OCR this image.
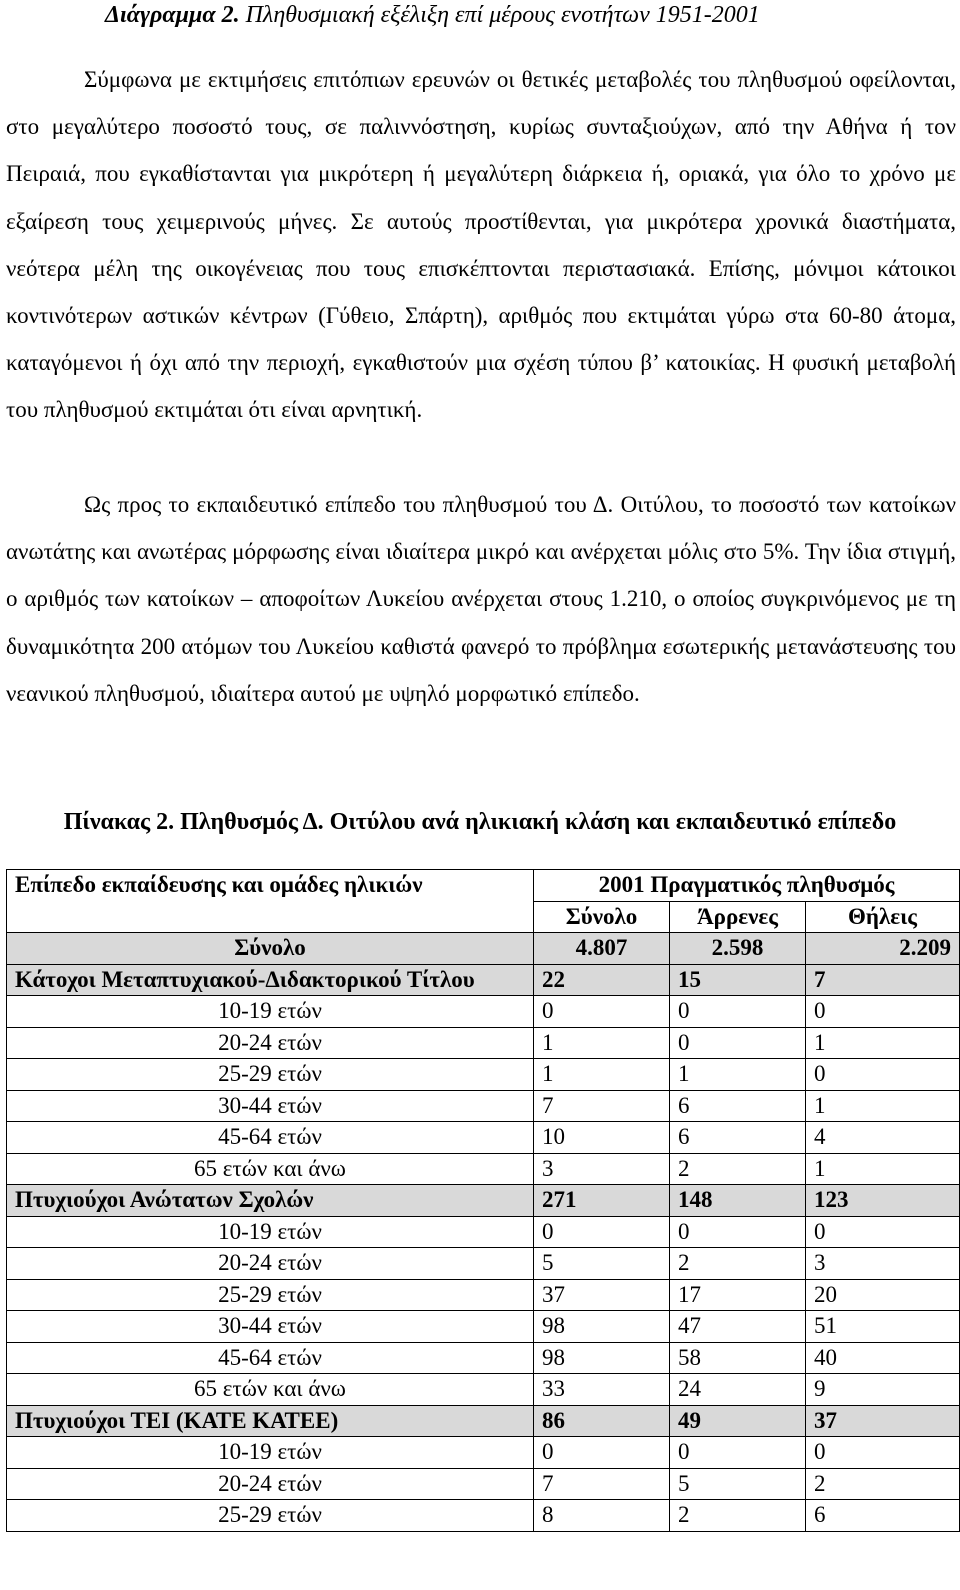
Διάγραμμα 2. Πληθυσμιακή εξέλιξη επί μέρους ενοτήτων 1951-2001

Σύμφωνα με εκτιμήσεις επιτόπιων ερευνών οι θετικές μεταβολές του πληθυσμού οφείλονται, στο μεγαλύτερο ποσοστό τους, σε παλιννόστηση, κυρίως συνταξιούχων, από την Αθήνα ή τον Πειραιά, που εγκαθίστανται για μικρότερη ή μεγαλύτερη διάρκεια ή, οριακά, για όλο το χρόνο με εξαίρεση τους χειμερινούς μήνες. Σε αυτούς προστίθενται, για μικρότερα χρονικά διαστήματα, νεότερα μέλη της οικογένειας που τους επισκέπτονται περιστασιακά. Επίσης, μόνιμοι κάτοικοι κοντινότερων αστικών κέντρων (Γύθειο, Σπάρτη), αριθμός που εκτιμάται γύρω στα 60-80 άτομα, καταγόμενοι ή όχι από την περιοχή, εγκαθιστούν μια σχέση τύπου β’ κατοικίας. Η φυσική μεταβολή του πληθυσμού εκτιμάται ότι είναι αρνητική.

Ως προς το εκπαιδευτικό επίπεδο του πληθυσμού του Δ. Οιτύλου, το ποσοστό των κατοίκων ανωτάτης και ανωτέρας μόρφωσης είναι ιδιαίτερα μικρό και ανέρχεται μόλις στο 5%. Την ίδια στιγμή, ο αριθμός των κατοίκων – αποφοίτων Λυκείου ανέρχεται στους 1.210, ο οποίος συγκρινόμενος με τη δυναμικότητα 200 ατόμων του Λυκείου καθιστά φανερό το πρόβλημα εσωτερικής μετανάστευσης του νεανικού πληθυσμού, ιδιαίτερα αυτού με υψηλό μορφωτικό επίπεδο.

Πίνακας 2. Πληθυσμός Δ. Οιτύλου ανά ηλικιακή κλάση και εκπαιδευτικό επίπεδο
Επίπεδο εκπαίδευσης και ομάδες ηλικιών	2001 Πραγματικός πληθυσμός		
	Σύνολο	Άρρενες	Θήλεις
Σύνολο	4.807	2.598	2.209
Κάτοχοι Μεταπτυχιακού-Διδακτορικού Τίτλου	22	15	7
10-19 ετών	0	0	0
20-24 ετών	1	0	1
25-29 ετών	1	1	0
30-44 ετών	7	6	1
45-64 ετών	10	6	4
65 ετών και άνω	3	2	1
Πτυχιούχοι Ανώτατων Σχολών	271	148	123
10-19 ετών	0	0	0
20-24 ετών	5	2	3
25-29 ετών	37	17	20
30-44 ετών	98	47	51
45-64 ετών	98	58	40
65 ετών και άνω	33	24	9
Πτυχιούχοι ΤΕΙ (ΚΑΤΕ ΚΑΤΕΕ)	86	49	37
10-19 ετών	0	0	0
20-24 ετών	7	5	2
25-29 ετών	8	2	6
